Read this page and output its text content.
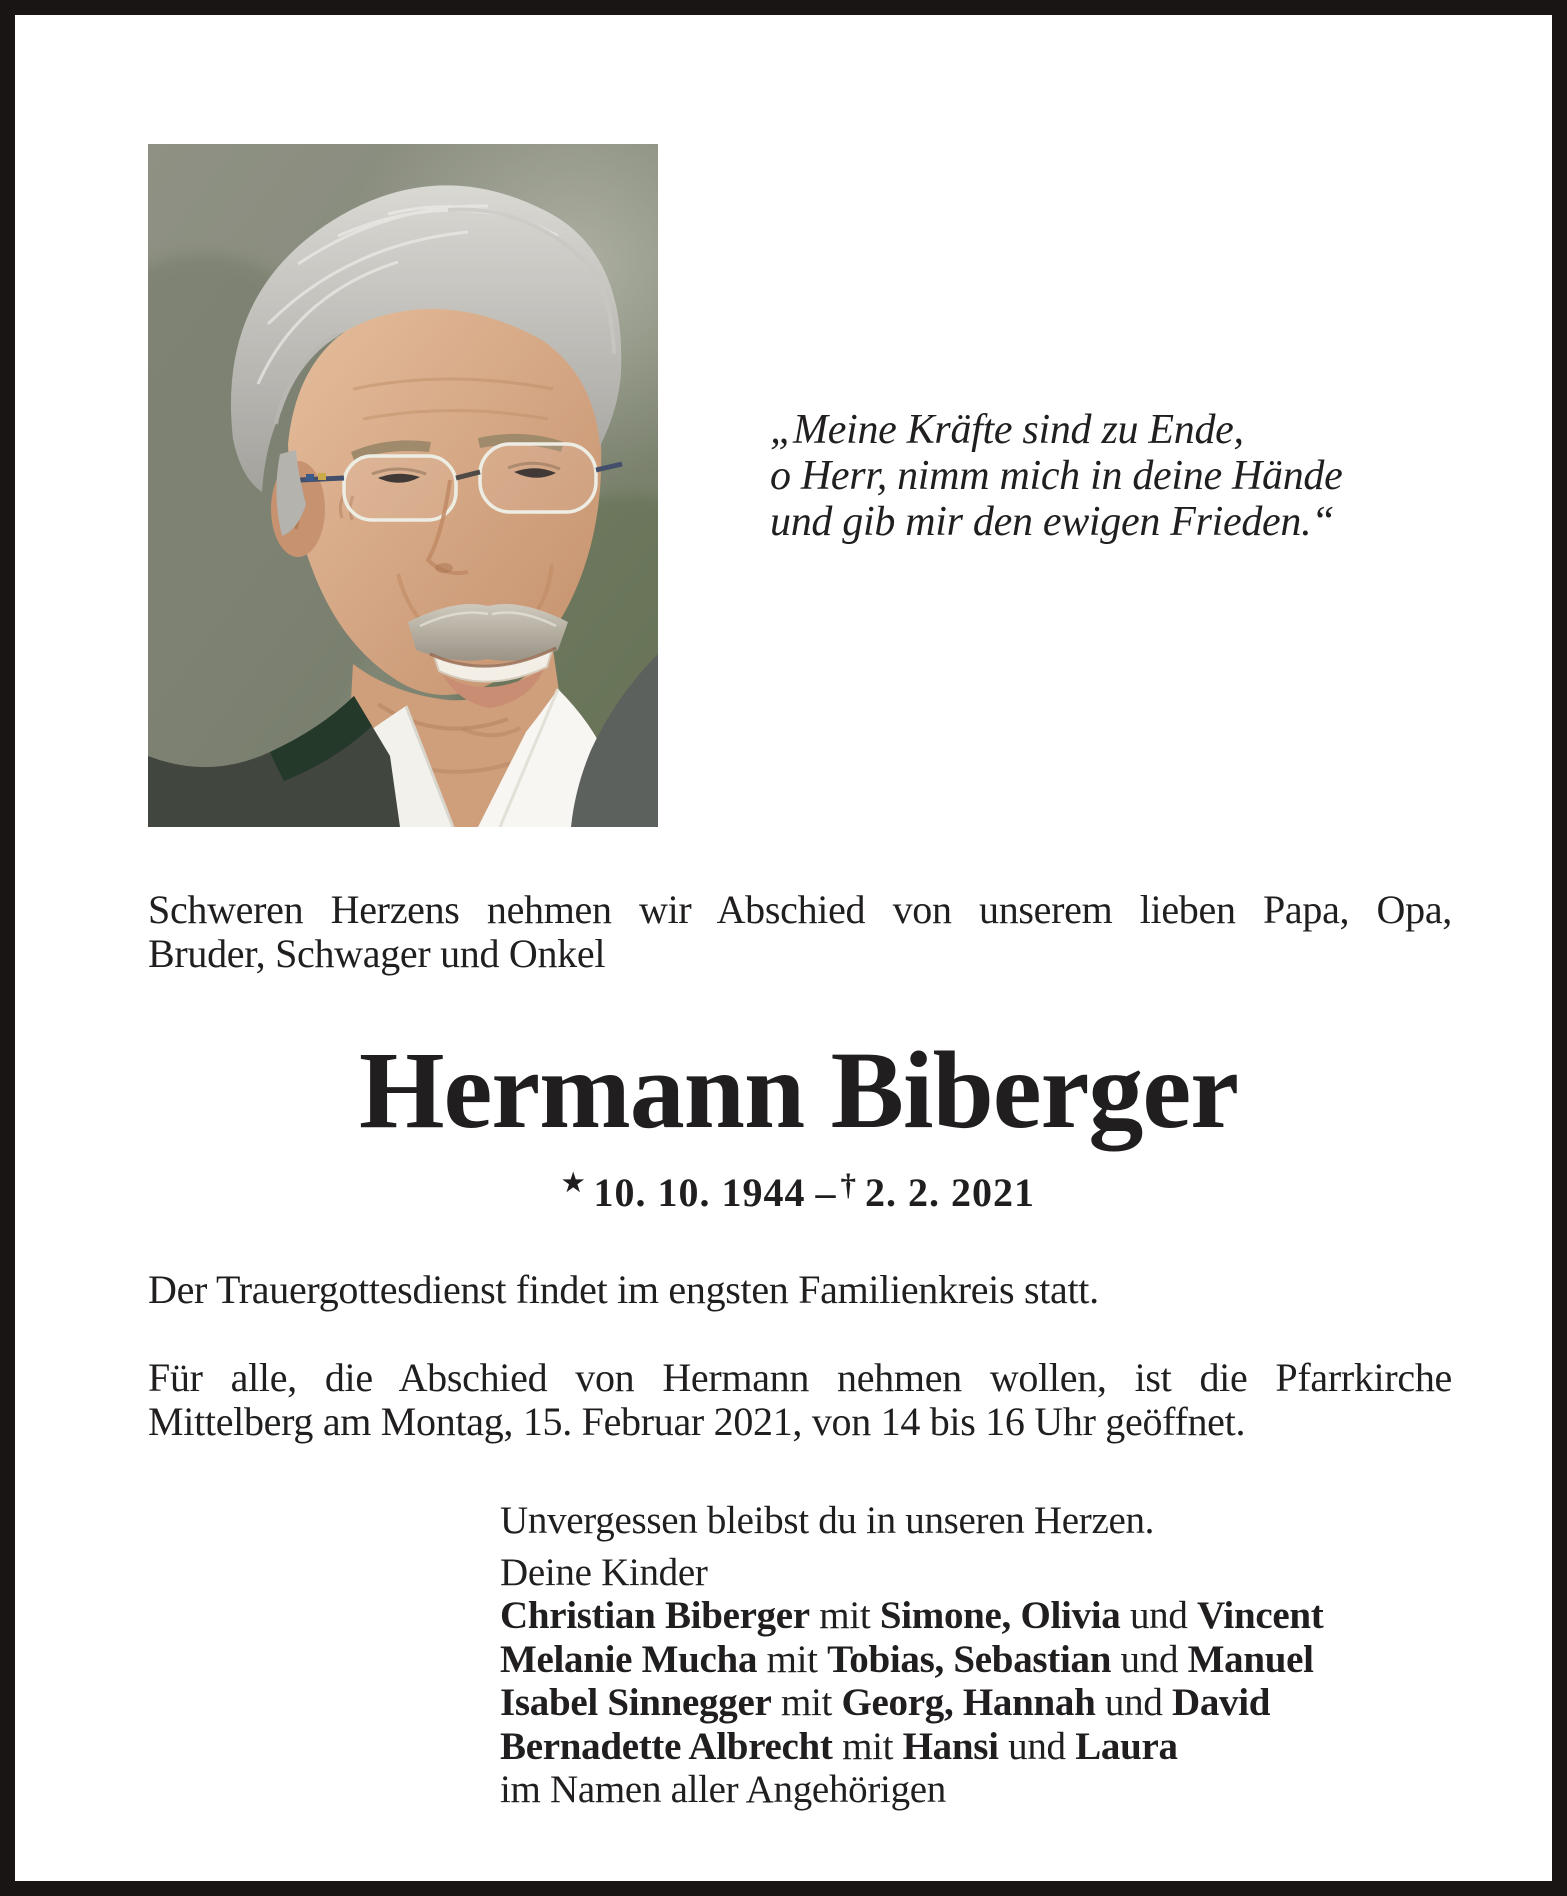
„Meine Kräfte sind zu Ende,
o Herr, nimm mich in deine Hände
und gib mir den ewigen Frieden.“
Schweren Herzens nehmen wir Abschied von unserem lieben Papa, Opa,
Bruder, Schwager und Onkel
Hermann Biberger
★ 10. 10. 1944 – † 2. 2. 2021
Der Trauergottesdienst findet im engsten Familienkreis statt.
Für alle, die Abschied von Hermann nehmen wollen, ist die Pfarrkirche
Mittelberg am Montag, 15. Februar 2021, von 14 bis 16 Uhr geöffnet.
Unvergessen bleibst du in unseren Herzen.
Deine Kinder
Christian Biberger mit Simone, Olivia und Vincent
Melanie Mucha mit Tobias, Sebastian und Manuel
Isabel Sinnegger mit Georg, Hannah und David
Bernadette Albrecht mit Hansi und Laura
im Namen aller Angehörigen
